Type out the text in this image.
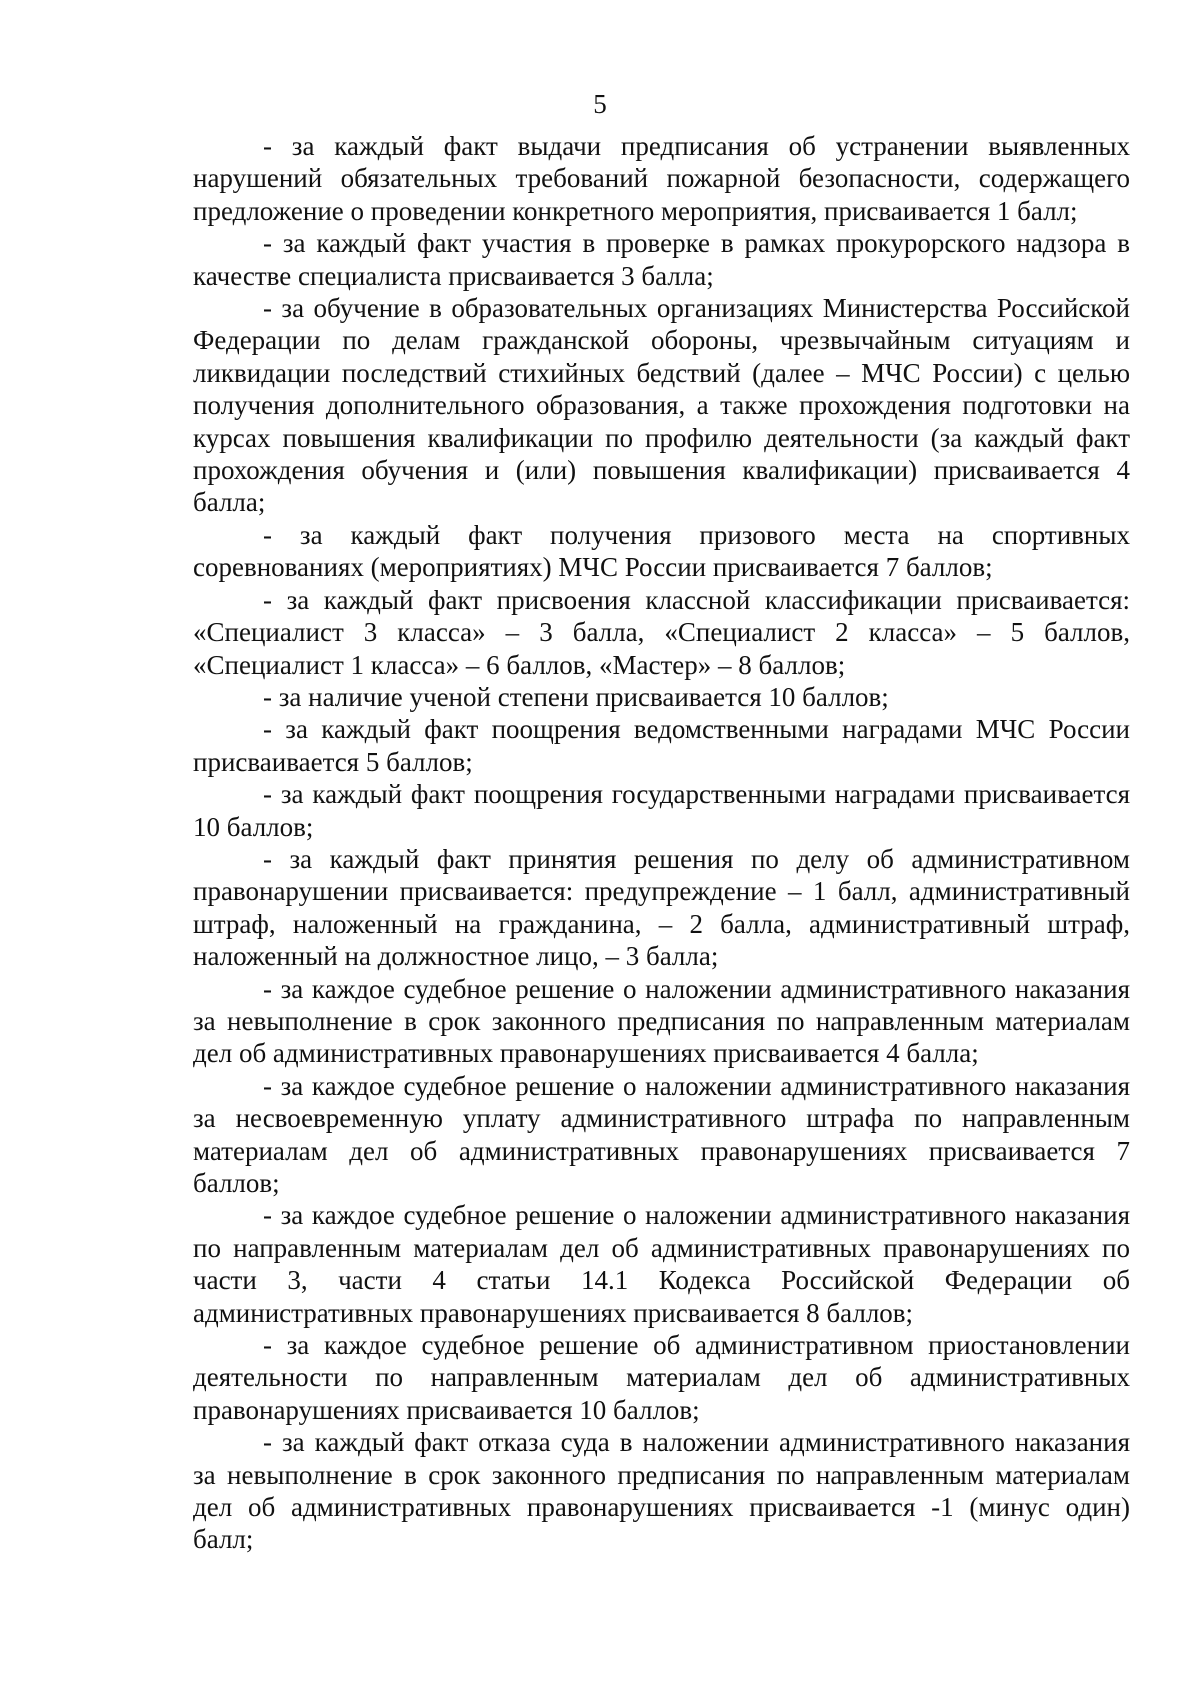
5

- за каждый факт выдачи предписания об устранении выявленных нарушений обязательных требований пожарной безопасности, содержащего предложение о проведении конкретного мероприятия, присваивается 1 балл;

- за каждый факт участия в проверке в рамках прокурорского надзора в качестве специалиста присваивается 3 балла;

- за обучение в образовательных организациях Министерства Российской Федерации по делам гражданской обороны, чрезвычайным ситуациям и ликвидации последствий стихийных бедствий (далее – МЧС России) с целью получения дополнительного образования, а также прохождения подготовки на курсах повышения квалификации по профилю деятельности (за каждый факт прохождения обучения и (или) повышения квалификации) присваивается 4 балла;

- за каждый факт получения призового места на спортивных соревнованиях (мероприятиях) МЧС России присваивается 7 баллов;

- за каждый факт присвоения классной классификации присваивается: «Специалист 3 класса» – 3 балла, «Специалист 2 класса» – 5 баллов, «Специалист 1 класса» – 6 баллов, «Мастер» – 8 баллов;

- за наличие ученой степени присваивается 10 баллов;

- за каждый факт поощрения ведомственными наградами МЧС России присваивается 5 баллов;

- за каждый факт поощрения государственными наградами присваивается 10 баллов;

- за каждый факт принятия решения по делу об административном правонарушении присваивается: предупреждение – 1 балл, административный штраф, наложенный на гражданина, – 2 балла, административный штраф, наложенный на должностное лицо, – 3 балла;

- за каждое судебное решение о наложении административного наказания за невыполнение в срок законного предписания по направленным материалам дел об административных правонарушениях присваивается 4 балла;

- за каждое судебное решение о наложении административного наказания за несвоевременную уплату административного штрафа по направленным материалам дел об административных правонарушениях присваивается 7 баллов;

- за каждое судебное решение о наложении административного наказания по направленным материалам дел об административных правонарушениях по части 3, части 4 статьи 14.1 Кодекса Российской Федерации об административных правонарушениях присваивается 8 баллов;

- за каждое судебное решение об административном приостановлении деятельности по направленным материалам дел об административных правонарушениях присваивается 10 баллов;

- за каждый факт отказа суда в наложении административного наказания за невыполнение в срок законного предписания по направленным материалам дел об административных правонарушениях присваивается -1 (минус один) балл;
